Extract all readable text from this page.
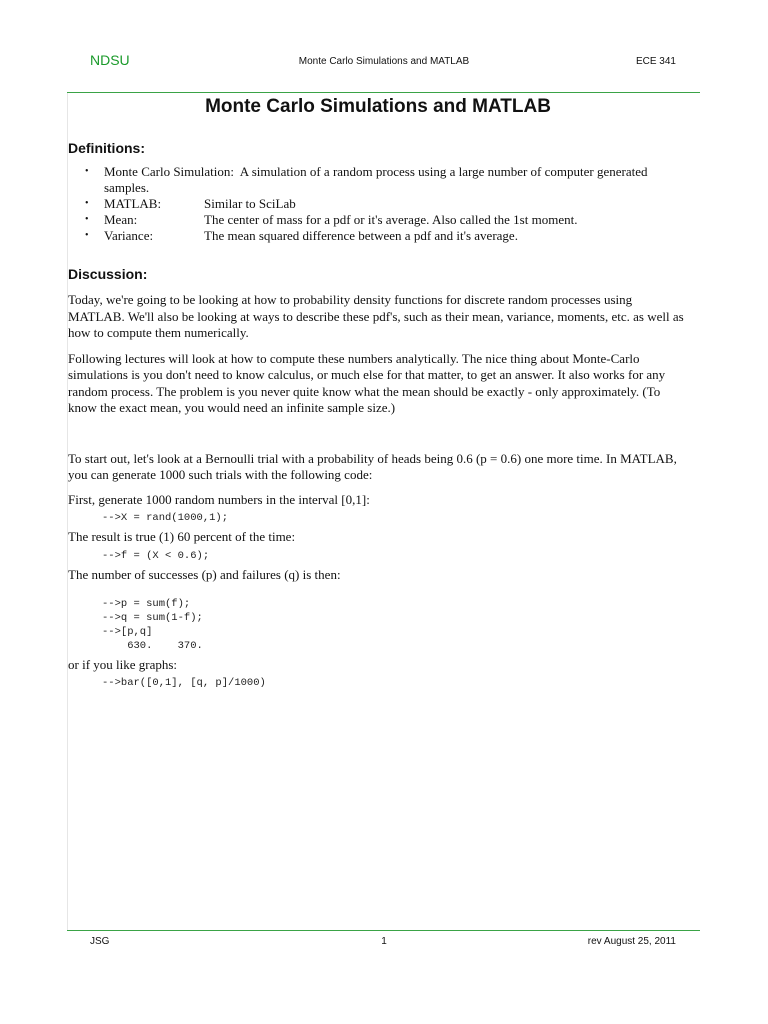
NDSU	Monte Carlo Simulations and MATLAB	ECE 341
Monte Carlo Simulations and MATLAB
Definitions:
• Monte Carlo Simulation: A simulation of a random process using a large number of computer generated samples.
• MATLAB:	Similar to SciLab
• Mean:	The center of mass for a pdf or it's average. Also called the 1st moment.
• Variance:	The mean squared difference between a pdf and it's average.
Discussion:

Today, we're going to be looking at how to probability density functions for discrete random processes using MATLAB. We'll also be looking at ways to describe these pdf's, such as their mean, variance, moments, etc. as well as how to compute them numerically.

Following lectures will look at how to compute these numbers analytically. The nice thing about Monte-Carlo simulations is you don't need to know calculus, or much else for that matter, to get an answer. It also works for any random process. The problem is you never quite know what the mean should be exactly - only approximately. (To know the exact mean, you would need an infinite sample size.)

To start out, let's look at a Bernoulli trial with a probability of heads being 0.6 (p = 0.6) one more time. In MATLAB, you can generate 1000 such trials with the following code:

First, generate 1000 random numbers in the interval [0,1]:

-->X = rand(1000,1);

The result is true (1) 60 percent of the time:

-->f = (X < 0.6);

The number of successes (p) and failures (q) is then:

-->p = sum(f);
-->q = sum(1-f);
-->[p,q]
630.    370.

or if you like graphs:

-->bar([0,1], [q, p]/1000)
JSG	1	rev August 25, 2011
